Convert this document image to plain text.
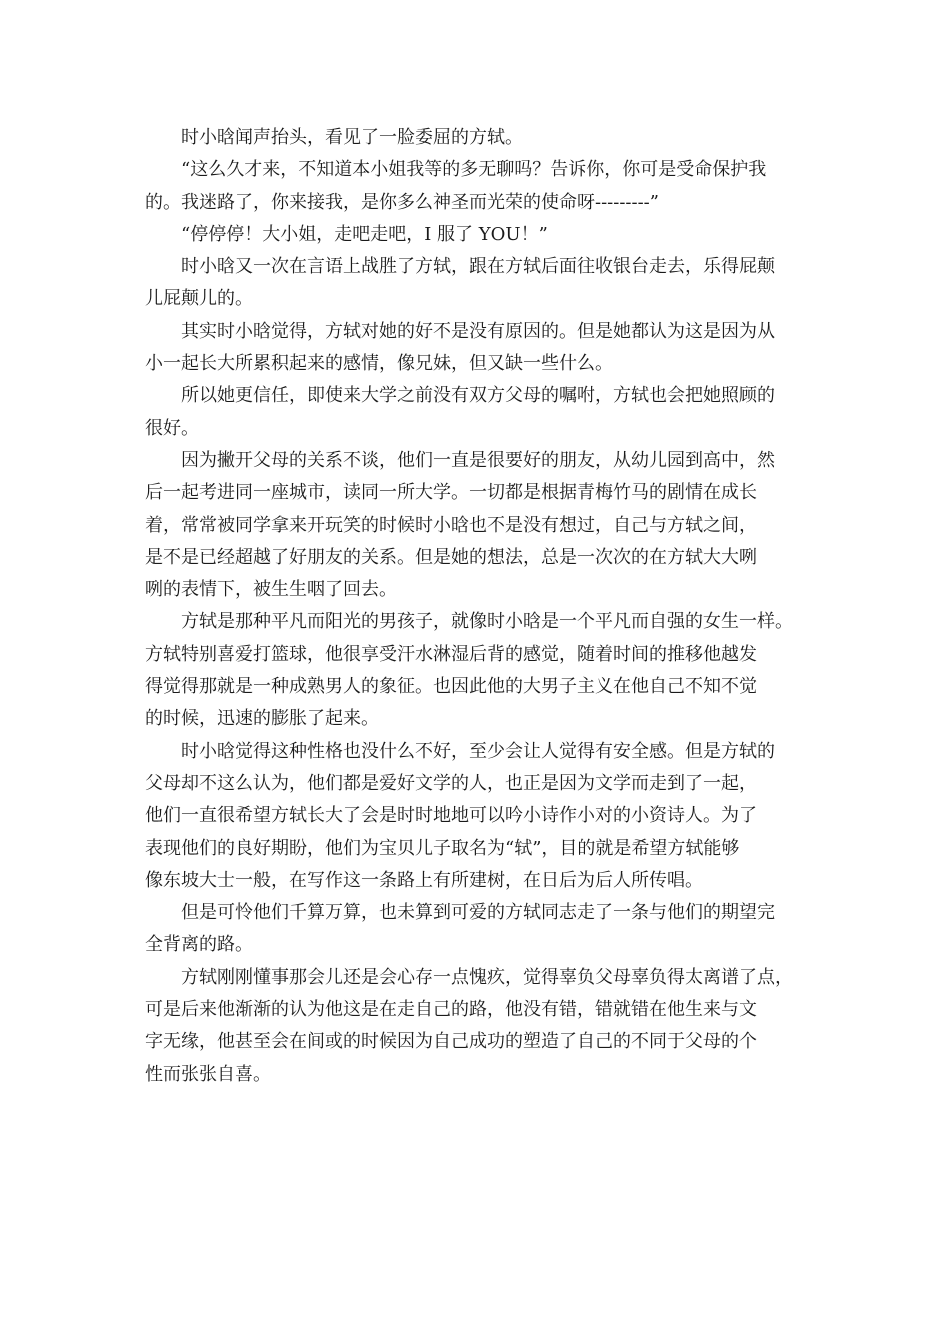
　　时小晗闻声抬头，看见了一脸委屈的方轼。
　　“这么久才来，不知道本小姐我等的多无聊吗？告诉你，你可是受命保护我
的。我迷路了，你来接我，是你多么神圣而光荣的使命呀---------”
　　“停停停！大小姐，走吧走吧，I 服了 YOU！”
　　时小晗又一次在言语上战胜了方轼，跟在方轼后面往收银台走去，乐得屁颠
儿屁颠儿的。
　　其实时小晗觉得，方轼对她的好不是没有原因的。但是她都认为这是因为从
小一起长大所累积起来的感情，像兄妹，但又缺一些什么。
　　所以她更信任，即使来大学之前没有双方父母的嘱咐，方轼也会把她照顾的
很好。
　　因为撇开父母的关系不谈，他们一直是很要好的朋友，从幼儿园到高中，然
后一起考进同一座城市，读同一所大学。一切都是根据青梅竹马的剧情在成长
着，常常被同学拿来开玩笑的时候时小晗也不是没有想过，自己与方轼之间，
是不是已经超越了好朋友的关系。但是她的想法，总是一次次的在方轼大大咧
咧的表情下，被生生咽了回去。
　　方轼是那种平凡而阳光的男孩子，就像时小晗是一个平凡而自强的女生一样。
方轼特别喜爱打篮球，他很享受汗水淋湿后背的感觉，随着时间的推移他越发
得觉得那就是一种成熟男人的象征。也因此他的大男子主义在他自己不知不觉
的时候，迅速的膨胀了起来。
　　时小晗觉得这种性格也没什么不好，至少会让人觉得有安全感。但是方轼的
父母却不这么认为，他们都是爱好文学的人，也正是因为文学而走到了一起，
他们一直很希望方轼长大了会是时时地地可以吟小诗作小对的小资诗人。为了
表现他们的良好期盼，他们为宝贝儿子取名为“轼”，目的就是希望方轼能够
像东坡大士一般，在写作这一条路上有所建树，在日后为后人所传唱。
　　但是可怜他们千算万算，也未算到可爱的方轼同志走了一条与他们的期望完
全背离的路。
　　方轼刚刚懂事那会儿还是会心存一点愧疚，觉得辜负父母辜负得太离谱了点，
可是后来他渐渐的认为他这是在走自己的路，他没有错，错就错在他生来与文
字无缘，他甚至会在间或的时候因为自己成功的塑造了自己的不同于父母的个
性而张张自喜。
